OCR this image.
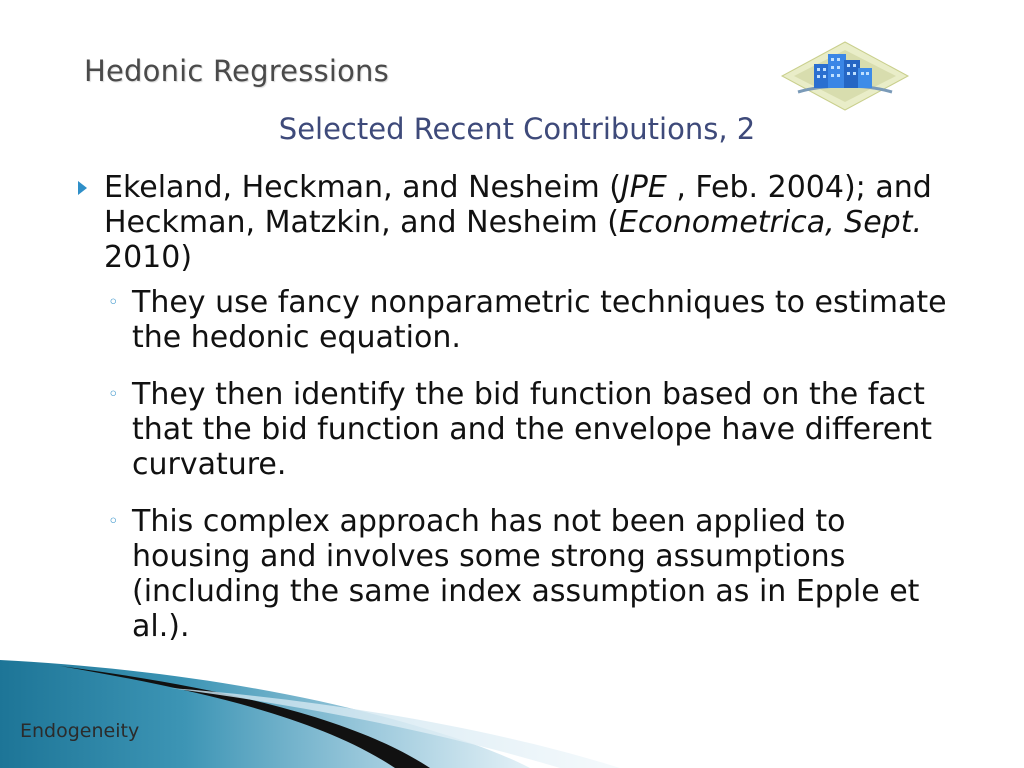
Hedonic Regressions
Selected Recent Contributions, 2
Ekeland, Heckman, and Nesheim (JPE , Feb. 2004); and Heckman, Matzkin, and Nesheim (Econometrica, Sept. 2010)
◦ They use fancy nonparametric techniques to estimate the hedonic equation.
◦ They then identify the bid function based on the fact that the bid function and the envelope have different curvature.
◦ This complex approach has not been applied to housing and involves some strong assumptions (including the same index assumption as in Epple et al.).
Endogeneity
